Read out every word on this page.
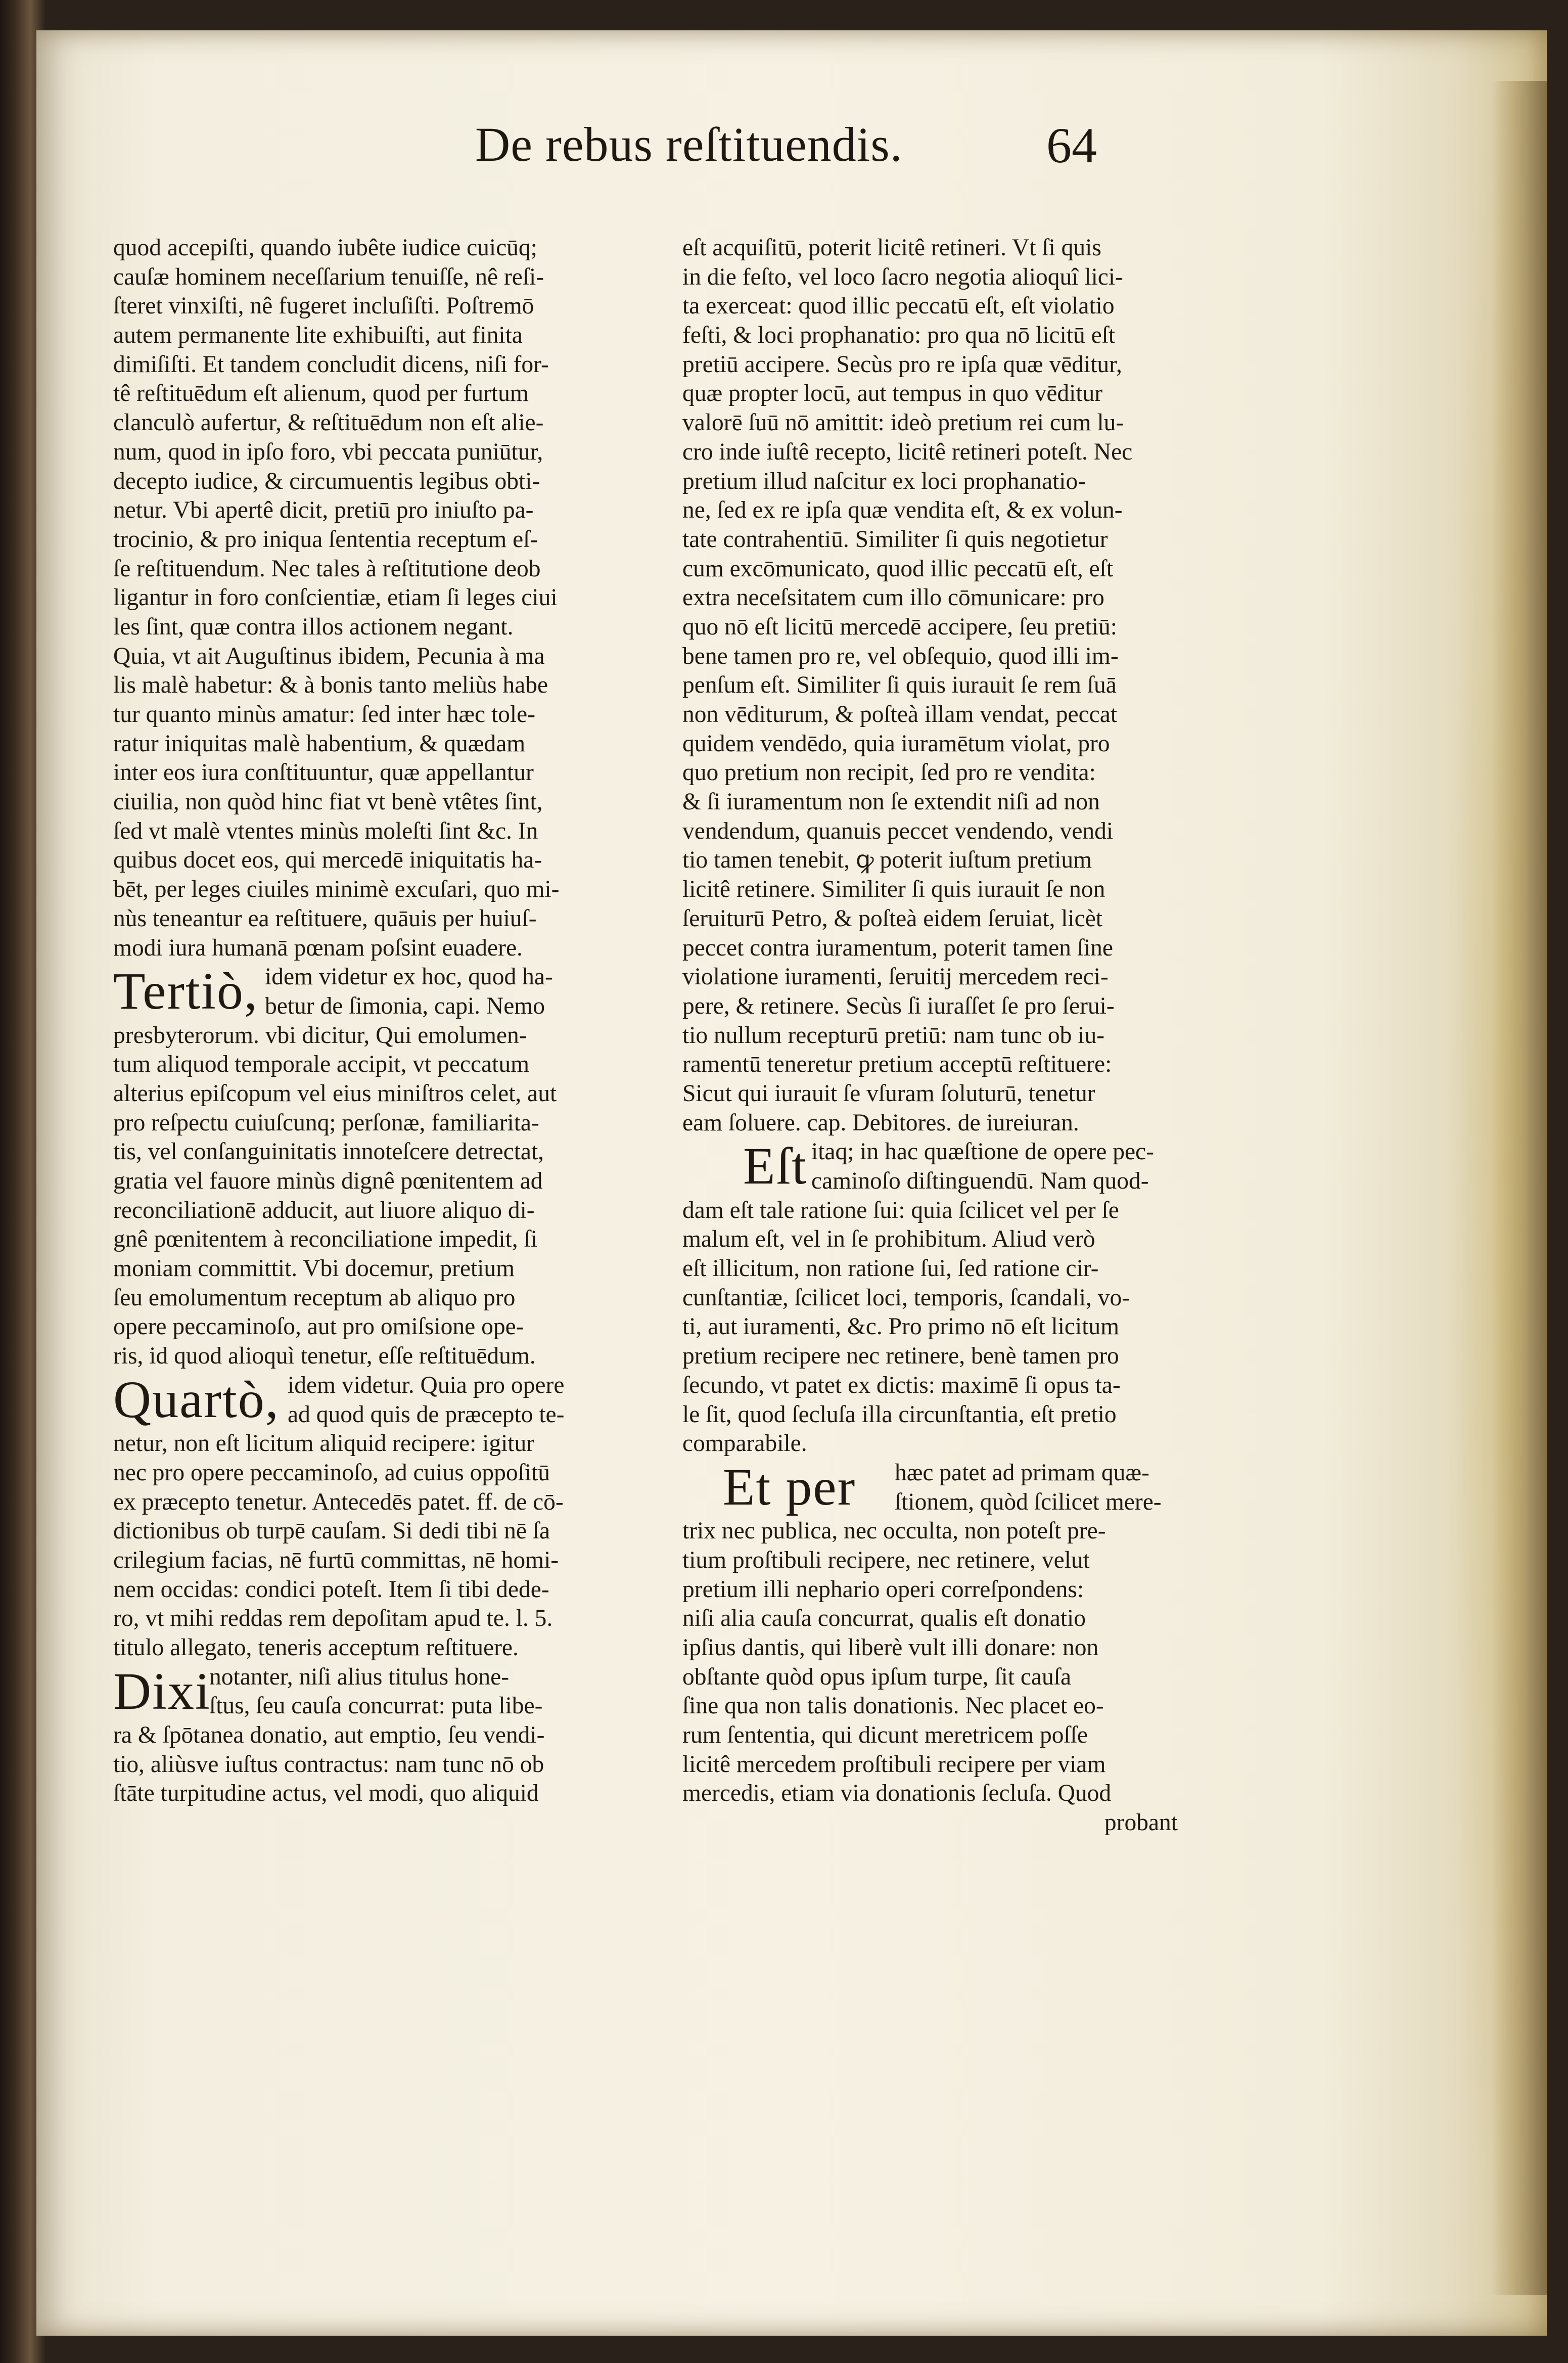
De rebus reſtituendis.	64
quod accepiſti, quando iubête iudice cuicūq;
cauſæ hominem neceſſarium tenuiſſe, nê reſi-
ſteret vinxiſti, nê fugeret incluſiſti. Poſtremō
autem permanente lite exhibuiſti, aut finita
dimiſiſti. Et tandem concludit dicens, niſi for-
tê reſtituēdum eſt alienum, quod per furtum
clanculò aufertur, & reſtituēdum non eſt alie-
num, quod in ipſo foro, vbi peccata puniūtur,
decepto iudice, & circumuentis legibus obti-
netur. Vbi apertê dicit, pretiū pro iniuſto pa-
trocinio, & pro iniqua ſententia receptum eſ-
ſe reſtituendum. Nec tales à reſtitutione deob
ligantur in foro conſcientiæ, etiam ſi leges ciui
les ſint, quæ contra illos actionem negant.
Quia, vt ait Auguſtinus ibidem, Pecunia à ma
lis malè habetur: & à bonis tanto meliùs habe
tur quanto minùs amatur: ſed inter hæc tole-
ratur iniquitas malè habentium, & quædam
inter eos iura conſtituuntur, quæ appellantur
ciuilia, non quòd hinc fiat vt benè vtêtes ſint,
ſed vt malè vtentes minùs moleſti ſint &c. In
quibus docet eos, qui mercedē iniquitatis ha-
bēt, per leges ciuiles minimè excuſari, quo mi-
nùs teneantur ea reſtituere, quāuis per huiuſ-
modi iura humanā pœnam poſsint euadere.
Tertiò, idem videtur ex hoc, quod ha-
betur de ſimonia, capi. Nemo
presbyterorum. vbi dicitur, Qui emolumen-
tum aliquod temporale accipit, vt peccatum
alterius epiſcopum vel eius miniſtros celet, aut
pro reſpectu cuiuſcunq; perſonæ, familiarita-
tis, vel conſanguinitatis innoteſcere detrectat,
gratia vel fauore minùs dignê pœnitentem ad
reconciliationē adducit, aut liuore aliquo di-
gnê pœnitentem à reconciliatione impedit, ſi
moniam committit. Vbi docemur, pretium
ſeu emolumentum receptum ab aliquo pro
opere peccaminoſo, aut pro omiſsione ope-
ris, id quod alioquì tenetur, eſſe reſtituēdum.
Quartò, idem videtur. Quia pro opere
ad quod quis de præcepto te-
netur, non eſt licitum aliquid recipere: igitur
nec pro opere peccaminoſo, ad cuius oppoſitū
ex præcepto tenetur. Antecedēs patet. ff. de cō-
dictionibus ob turpē cauſam. Si dedi tibi nē ſa
crilegium facias, nē furtū committas, nē homi-
nem occidas: condici poteſt. Item ſi tibi dede-
ro, vt mihi reddas rem depoſitam apud te. l. 5.
titulo allegato, teneris acceptum reſtituere.
Dixi
notanter, niſi alius titulus hone-
ſtus, ſeu cauſa concurrat: puta libe-
ra & ſpōtanea donatio, aut emptio, ſeu vendi-
tio, aliùsve iuſtus contractus: nam tunc nō ob
ſtāte turpitudine actus, vel modi, quo aliquid
eſt acquiſitū, poterit licitê retineri. Vt ſi quis
in die feſto, vel loco ſacro negotia alioquî lici-
ta exerceat: quod illic peccatū eſt, eſt violatio
feſti, & loci prophanatio: pro qua nō licitū eſt
pretiū accipere. Secùs pro re ipſa quæ vēditur,
quæ propter locū, aut tempus in quo vēditur
valorē ſuū nō amittit: ideò pretium rei cum lu-
cro inde iuſtê recepto, licitê retineri poteſt. Nec
pretium illud naſcitur ex loci prophanatio-
ne, ſed ex re ipſa quæ vendita eſt, & ex volun-
tate contrahentiū. Similiter ſi quis negotietur
cum excōmunicato, quod illic peccatū eſt, eſt
extra neceſsitatem cum illo cōmunicare: pro
quo nō eſt licitū mercedē accipere, ſeu pretiū:
bene tamen pro re, vel obſequio, quod illi im-
penſum eſt. Similiter ſi quis iurauit ſe rem ſuā
non vēditurum, & poſteà illam vendat, peccat
quidem vendēdo, quia iuramētum violat, pro
quo pretium non recipit, ſed pro re vendita:
& ſi iuramentum non ſe extendit niſi ad non
vendendum, quanuis peccet vendendo, vendi
tio tamen tenebit, ꝙ poterit iuſtum pretium
licitê retinere. Similiter ſi quis iurauit ſe non
ſeruiturū Petro, & poſteà eidem ſeruiat, licèt
peccet contra iuramentum, poterit tamen ſine
violatione iuramenti, ſeruitij mercedem reci-
pere, & retinere. Secùs ſi iuraſſet ſe pro ſerui-
tio nullum recepturū pretiū: nam tunc ob iu-
ramentū teneretur pretium acceptū reſtituere:
Sicut qui iurauit ſe vſuram ſoluturū, tenetur
eam ſoluere. cap. Debitores. de iureiuran.
Eſt itaq; in hac quæſtione de opere pec-
caminoſo diſtinguendū. Nam quod-
dam eſt tale ratione ſui: quia ſcilicet vel per ſe
malum eſt, vel in ſe prohibitum. Aliud verò
eſt illicitum, non ratione ſui, ſed ratione cir-
cunſtantiæ, ſcilicet loci, temporis, ſcandali, vo-
ti, aut iuramenti, &c. Pro primo nō eſt licitum
pretium recipere nec retinere, benè tamen pro
ſecundo, vt patet ex dictis: maximē ſi opus ta-
le ſit, quod ſecluſa illa circunſtantia, eſt pretio
comparabile.
Et per hæc patet ad primam quæ-
ſtionem, quòd ſcilicet mere-
trix nec publica, nec occulta, non poteſt pre-
tium proſtibuli recipere, nec retinere, velut
pretium illi nephario operi correſpondens:
niſi alia cauſa concurrat, qualis eſt donatio
ipſius dantis, qui liberè vult illi donare: non
obſtante quòd opus ipſum turpe, ſit cauſa
ſine qua non talis donationis. Nec placet eo-
rum ſententia, qui dicunt meretricem poſſe
licitê mercedem proſtibuli recipere per viam
mercedis, etiam via donationis ſecluſa. Quod
probant
